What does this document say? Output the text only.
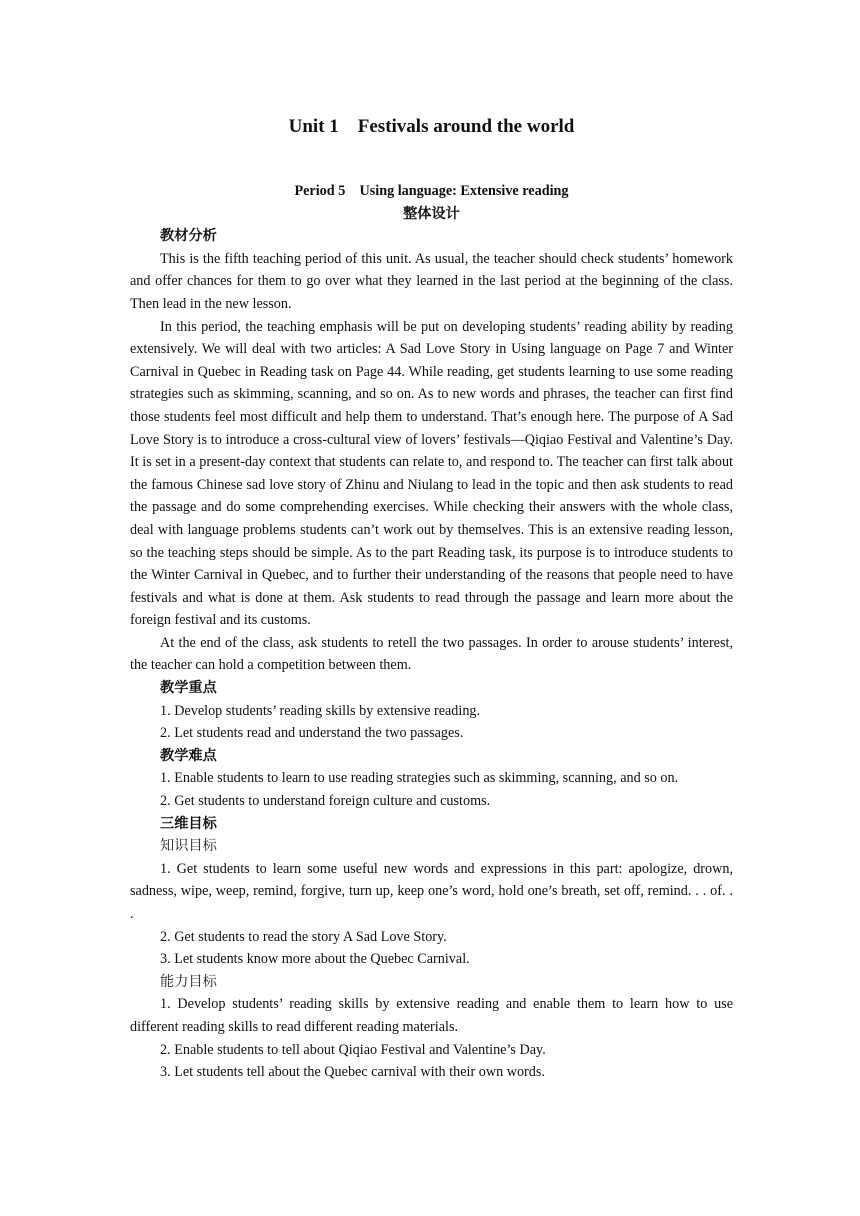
Unit 1    Festivals around the world
Period 5    Using language: Extensive reading
整体设计
教材分析
This is the fifth teaching period of this unit. As usual, the teacher should check students’ homework and offer chances for them to go over what they learned in the last period at the beginning of the class. Then lead in the new lesson.
In this period, the teaching emphasis will be put on developing students’ reading ability by reading extensively. We will deal with two articles: A Sad Love Story in Using language on Page 7 and Winter Carnival in Quebec in Reading task on Page 44. While reading, get students learning to use some reading strategies such as skimming, scanning, and so on. As to new words and phrases, the teacher can first find those students feel most difficult and help them to understand. That’s enough here. The purpose of A Sad Love Story is to introduce a cross-cultural view of lovers’ festivals—Qiqiao Festival and Valentine’s Day. It is set in a present-day context that students can relate to, and respond to. The teacher can first talk about the famous Chinese sad love story of Zhinu and Niulang to lead in the topic and then ask students to read the passage and do some comprehending exercises. While checking their answers with the whole class, deal with language problems students can’t work out by themselves. This is an extensive reading lesson, so the teaching steps should be simple. As to the part Reading task, its purpose is to introduce students to the Winter Carnival in Quebec, and to further their understanding of the reasons that people need to have festivals and what is done at them. Ask students to read through the passage and learn more about the foreign festival and its customs.
At the end of the class, ask students to retell the two passages. In order to arouse students’ interest, the teacher can hold a competition between them.
教学重点
1. Develop students’ reading skills by extensive reading.
2. Let students read and understand the two passages.
教学难点
1. Enable students to learn to use reading strategies such as skimming, scanning, and so on.
2. Get students to understand foreign culture and customs.
三维目标
知识目标
1. Get students to learn some useful new words and expressions in this part: apologize, drown, sadness, wipe, weep, remind, forgive, turn up, keep one’s word, hold one’s breath, set off, remind. . . of. . .
2. Get students to read the story A Sad Love Story.
3. Let students know more about the Quebec Carnival.
能力目标
1. Develop students’ reading skills by extensive reading and enable them to learn how to use different reading skills to read different reading materials.
2. Enable students to tell about Qiqiao Festival and Valentine’s Day.
3. Let students tell about the Quebec carnival with their own words.
